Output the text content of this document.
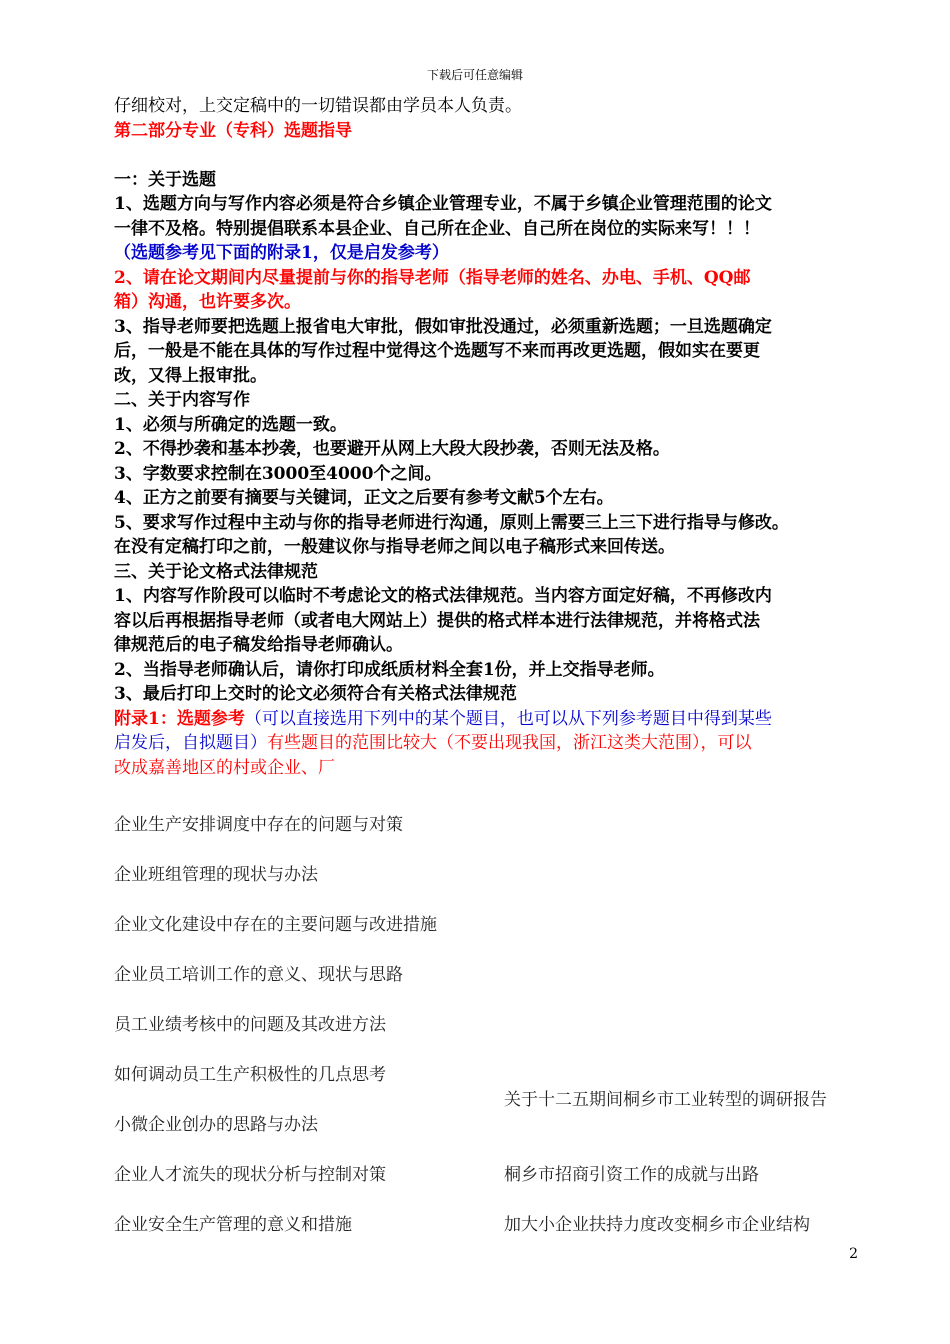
下载后可任意编辑

仔细校对，上交定稿中的一切错误都由学员本人负责。

第二部分专业（专科）选题指导

一：关于选题

1、选题方向与写作内容必须是符合乡镇企业管理专业，不属于乡镇企业管理范围的论文

一律不及格。特别提倡联系本县企业、自己所在企业、自己所在岗位的实际来写！！！

（选题参考见下面的附录1，仅是启发参考）

2、请在论文期间内尽量提前与你的指导老师（指导老师的姓名、办电、手机、QQ邮

箱）沟通，也许要多次。

3、指导老师要把选题上报省电大审批，假如审批没通过，必须重新选题；一旦选题确定

后，一般是不能在具体的写作过程中觉得这个选题写不来而再改更选题，假如实在要更

改，又得上报审批。

二、关于内容写作

1、必须与所确定的选题一致。

2、不得抄袭和基本抄袭，也要避开从网上大段大段抄袭，否则无法及格。

3、字数要求控制在3000至4000个之间。

4、正方之前要有摘要与关键词，正文之后要有参考文献5个左右。

5、要求写作过程中主动与你的指导老师进行沟通，原则上需要三上三下进行指导与修改。

在没有定稿打印之前，一般建议你与指导老师之间以电子稿形式来回传送。

三、关于论文格式法律规范

1、内容写作阶段可以临时不考虑论文的格式法律规范。当内容方面定好稿，不再修改内

容以后再根据指导老师（或者电大网站上）提供的格式样本进行法律规范，并将格式法

律规范后的电子稿发给指导老师确认。

2、当指导老师确认后，请你打印成纸质材料全套1份，并上交指导老师。

3、最后打印上交时的论文必须符合有关格式法律规范

附录1：选题参考（可以直接选用下列中的某个题目，也可以从下列参考题目中得到某些

启发后，自拟题目）有些题目的范围比较大（不要出现我国，浙江这类大范围），可以

改成嘉善地区的村或企业、厂

企业生产安排调度中存在的问题与对策
企业班组管理的现状与办法
企业文化建设中存在的主要问题与改进措施
企业员工培训工作的意义、现状与思路
员工业绩考核中的问题及其改进方法
如何调动员工生产积极性的几点思考
小微企业创办的思路与办法
企业人才流失的现状分析与控制对策
企业安全生产管理的意义和措施
关于十二五期间桐乡市工业转型的调研报告
桐乡市招商引资工作的成就与出路
加大小企业扶持力度改变桐乡市企业结构
2
